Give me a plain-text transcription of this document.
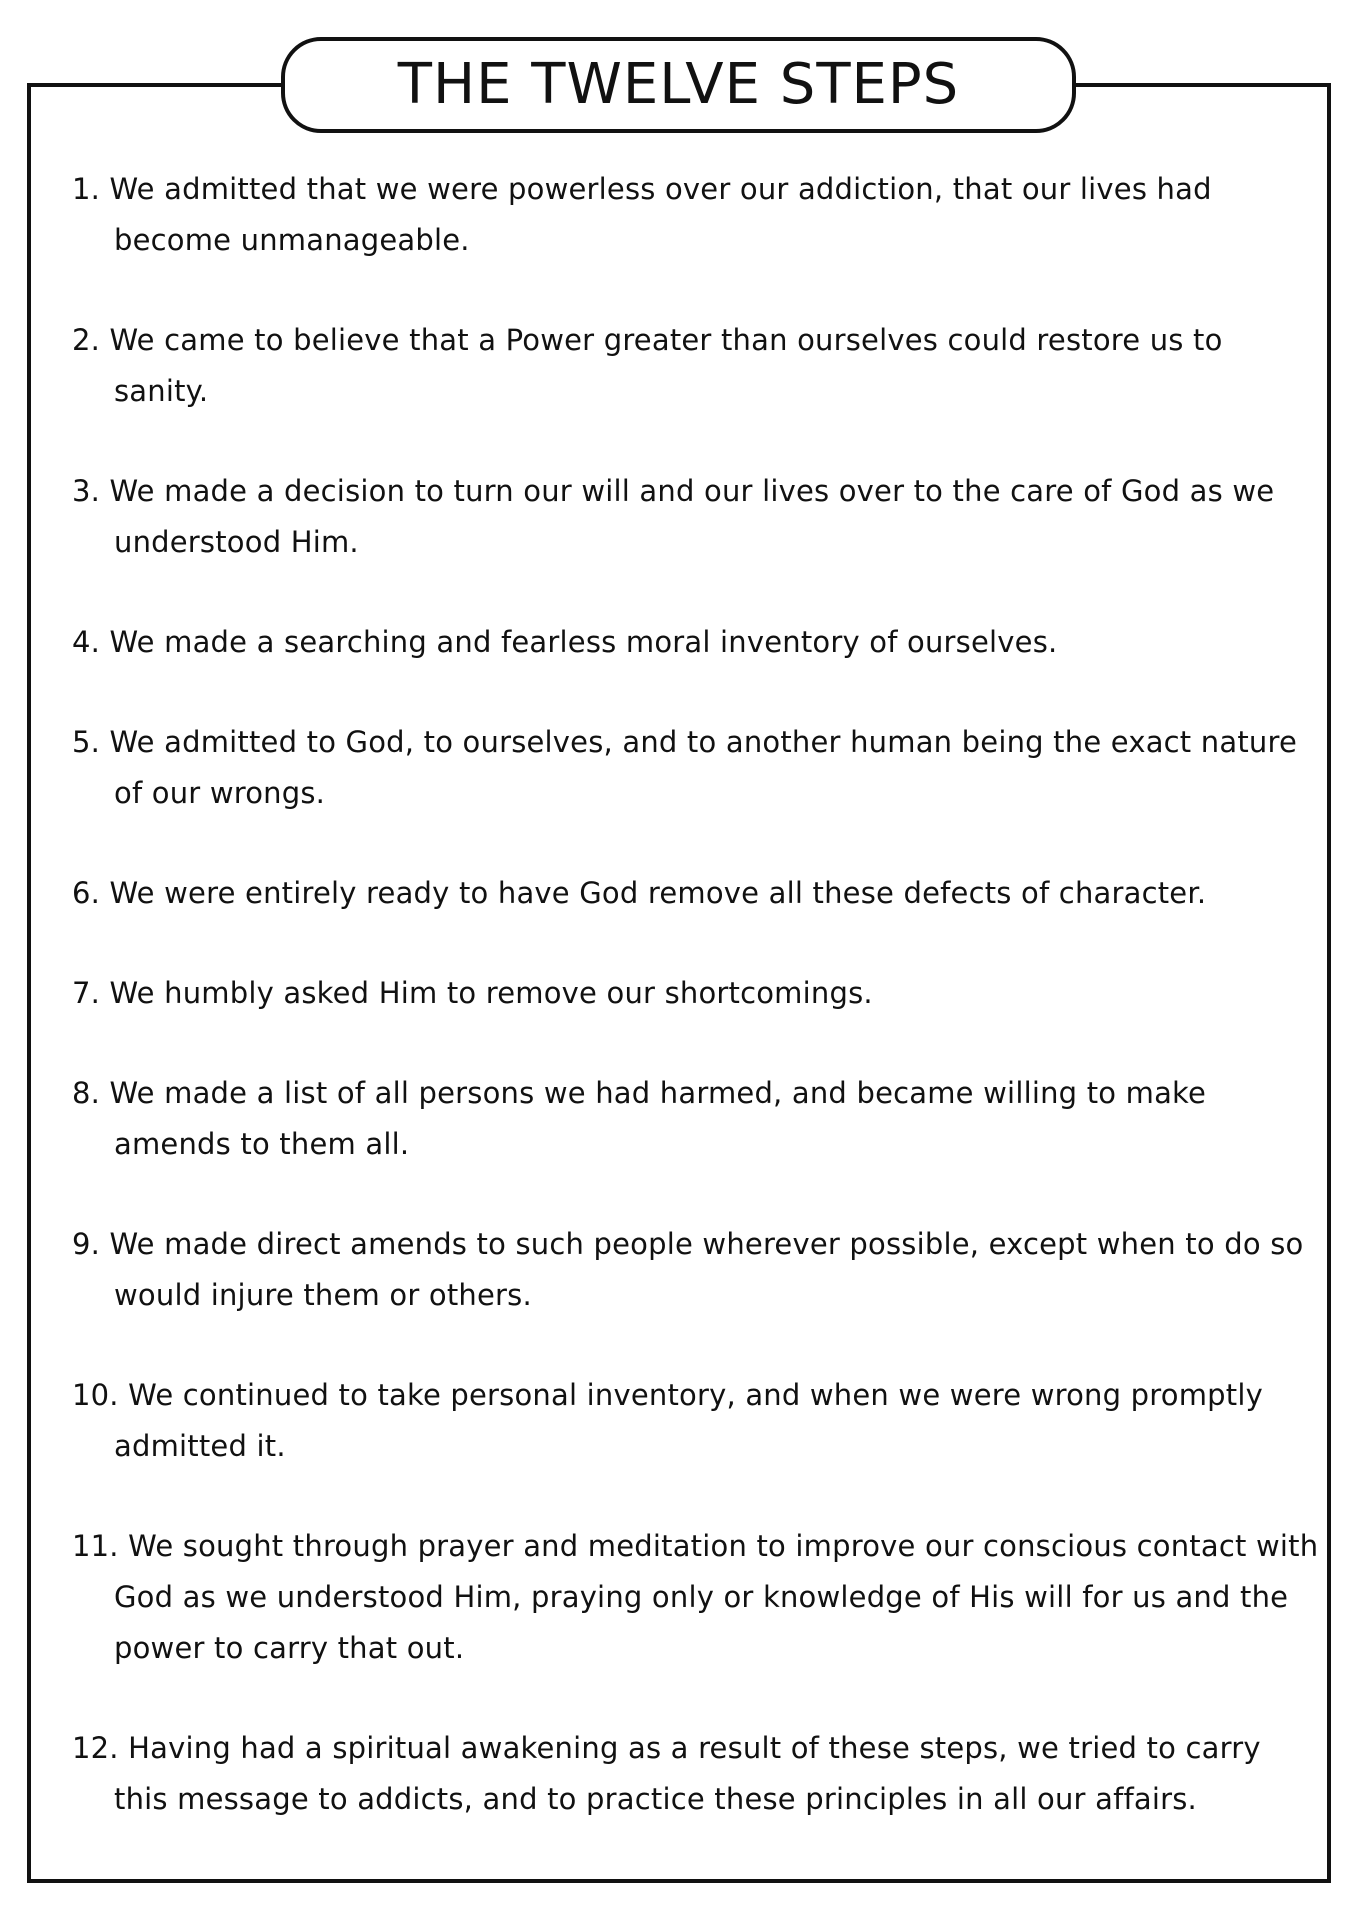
THE TWELVE STEPS
1. We admitted that we were powerless over our addiction, that our lives had become unmanageable.
2. We came to believe that a Power greater than ourselves could restore us to sanity.
3. We made a decision to turn our will and our lives over to the care of God as we understood Him.
4. We made a searching and fearless moral inventory of ourselves.
5. We admitted to God, to ourselves, and to another human being the exact nature of our wrongs.
6. We were entirely ready to have God remove all these defects of character.
7. We humbly asked Him to remove our shortcomings.
8. We made a list of all persons we had harmed, and became willing to make amends to them all.
9. We made direct amends to such people wherever possible, except when to do so would injure them or others.
10. We continued to take personal inventory, and when we were wrong promptly admitted it.
11. We sought through prayer and meditation to improve our conscious contact with God as we understood Him, praying only or knowledge of His will for us and the power to carry that out.
12. Having had a spiritual awakening as a result of these steps, we tried to carry this message to addicts, and to practice these principles in all our affairs.
